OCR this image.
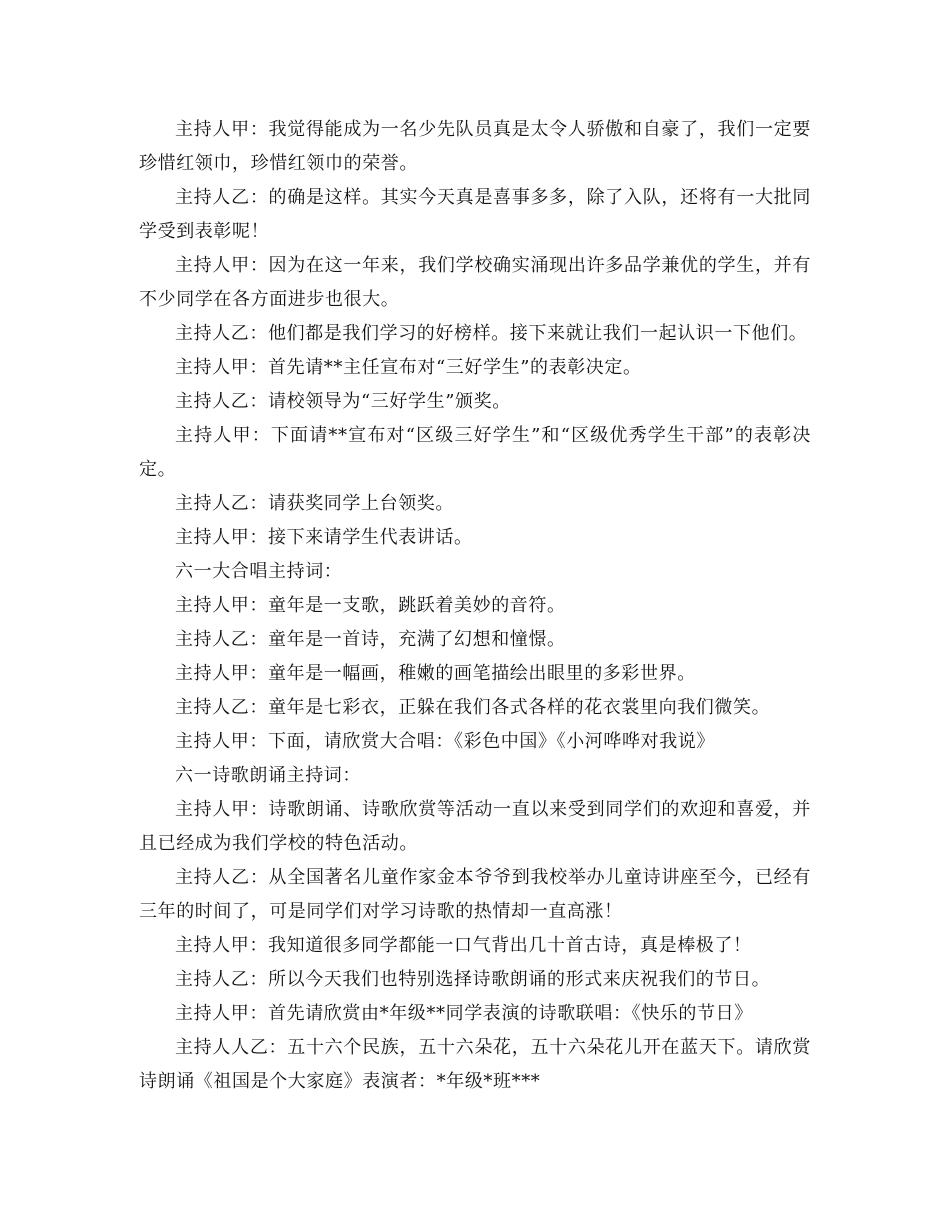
主持人甲：我觉得能成为一名少先队员真是太令人骄傲和自豪了，我们一定要珍惜红领巾，珍惜红领巾的荣誉。

主持人乙：的确是这样。其实今天真是喜事多多，除了入队，还将有一大批同学受到表彰呢！

主持人甲：因为在这一年来，我们学校确实涌现出许多品学兼优的学生，并有不少同学在各方面进步也很大。

主持人乙：他们都是我们学习的好榜样。接下来就让我们一起认识一下他们。

主持人甲：首先请**主任宣布对“三好学生”的表彰决定。

主持人乙：请校领导为“三好学生”颁奖。

主持人甲：下面请**宣布对“区级三好学生”和“区级优秀学生干部”的表彰决定。

主持人乙：请获奖同学上台领奖。

主持人甲：接下来请学生代表讲话。

六一大合唱主持词：

主持人甲：童年是一支歌，跳跃着美妙的音符。

主持人乙：童年是一首诗，充满了幻想和憧憬。

主持人甲：童年是一幅画，稚嫩的画笔描绘出眼里的多彩世界。

主持人乙：童年是七彩衣，正躲在我们各式各样的花衣裳里向我们微笑。

主持人甲：下面，请欣赏大合唱：《彩色中国》《小河哗哗对我说》

六一诗歌朗诵主持词：

主持人甲：诗歌朗诵、诗歌欣赏等活动一直以来受到同学们的欢迎和喜爱，并且已经成为我们学校的特色活动。

主持人乙：从全国著名儿童作家金本爷爷到我校举办儿童诗讲座至今，已经有三年的时间了，可是同学们对学习诗歌的热情却一直高涨！

主持人甲：我知道很多同学都能一口气背出几十首古诗，真是棒极了！

主持人乙：所以今天我们也特别选择诗歌朗诵的形式来庆祝我们的节日。

主持人甲：首先请欣赏由*年级**同学表演的诗歌联唱：《快乐的节日》

主持人人乙：五十六个民族，五十六朵花，五十六朵花儿开在蓝天下。请欣赏诗朗诵《祖国是个大家庭》表演者：*年级*班***
